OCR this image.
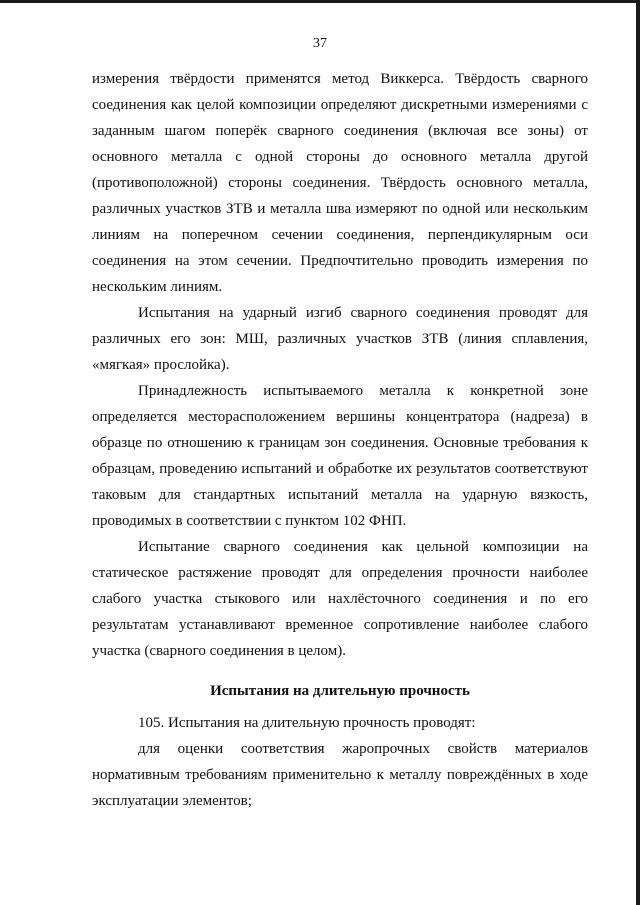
37

измерения твёрдости применятся метод Виккерса. Твёрдость сварного соединения как целой композиции определяют дискретными измерениями с заданным шагом поперёк сварного соединения (включая все зоны) от основного металла с одной стороны до основного металла другой (противоположной) стороны соединения. Твёрдость основного металла, различных участков ЗТВ и металла шва измеряют по одной или нескольким линиям на поперечном сечении соединения, перпендикулярным оси соединения на этом сечении. Предпочтительно проводить измерения по нескольким линиям.

Испытания на ударный изгиб сварного соединения проводят для различных его зон: МШ, различных участков ЗТВ (линия сплавления, «мягкая» прослойка).

Принадлежность испытываемого металла к конкретной зоне определяется месторасположением вершины концентратора (надреза) в образце по отношению к границам зон соединения. Основные требования к образцам, проведению испытаний и обработке их результатов соответствуют таковым для стандартных испытаний металла на ударную вязкость, проводимых в соответствии с пунктом 102 ФНП.

Испытание сварного соединения как цельной композиции на статическое растяжение проводят для определения прочности наиболее слабого участка стыкового или нахлёсточного соединения и по его результатам устанавливают временное сопротивление наиболее слабого участка (сварного соединения в целом).

Испытания на длительную прочность

105. Испытания на длительную прочность проводят:

для оценки соответствия жаропрочных свойств материалов нормативным требованиям применительно к металлу повреждённых в ходе эксплуатации элементов;
